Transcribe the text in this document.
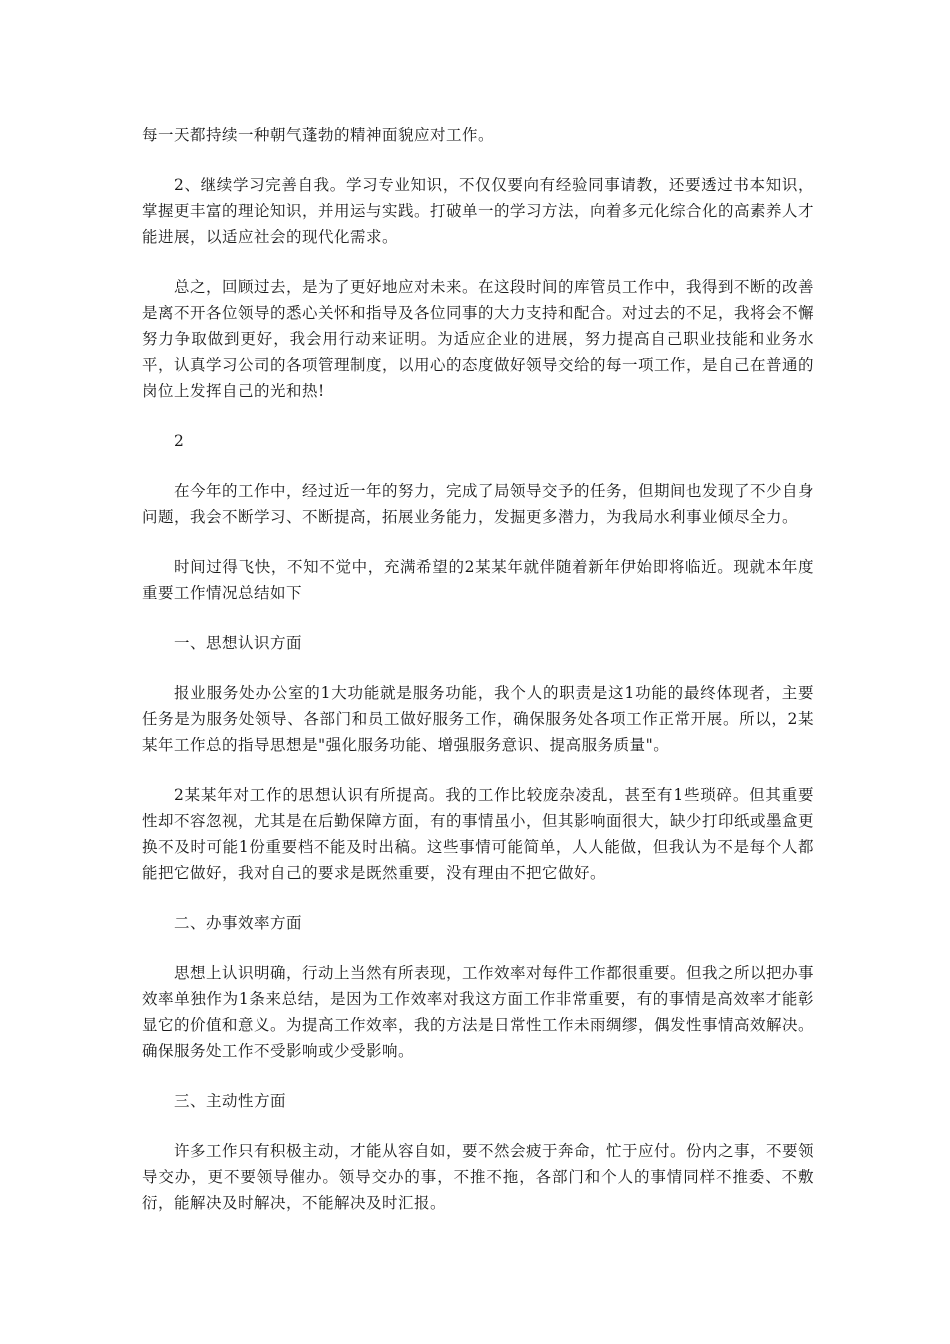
每一天都持续一种朝气蓬勃的精神面貌应对工作。

2、继续学习完善自我。学习专业知识，不仅仅要向有经验同事请教，还要透过书本知识，掌握更丰富的理论知识，并用运与实践。打破单一的学习方法，向着多元化综合化的高素养人才能进展，以适应社会的现代化需求。

总之，回顾过去，是为了更好地应对未来。在这段时间的库管员工作中，我得到不断的改善是离不开各位领导的悉心关怀和指导及各位同事的大力支持和配合。对过去的不足，我将会不懈努力争取做到更好，我会用行动来证明。为适应企业的进展，努力提高自己职业技能和业务水平，认真学习公司的各项管理制度，以用心的态度做好领导交给的每一项工作，是自己在普通的岗位上发挥自己的光和热!

2

在今年的工作中，经过近一年的努力，完成了局领导交予的任务，但期间也发现了不少自身问题，我会不断学习、不断提高，拓展业务能力，发掘更多潜力，为我局水利事业倾尽全力。

时间过得飞快，不知不觉中，充满希望的2某某年就伴随着新年伊始即将临近。现就本年度重要工作情况总结如下

一、思想认识方面

报业服务处办公室的1大功能就是服务功能，我个人的职责是这1功能的最终体现者，主要任务是为服务处领导、各部门和员工做好服务工作，确保服务处各项工作正常开展。所以，2某某年工作总的指导思想是"强化服务功能、增强服务意识、提高服务质量"。

2某某年对工作的思想认识有所提高。我的工作比较庞杂凌乱，甚至有1些琐碎。但其重要性却不容忽视，尤其是在后勤保障方面，有的事情虽小，但其影响面很大，缺少打印纸或墨盒更换不及时可能1份重要档不能及时出稿。这些事情可能简单，人人能做，但我认为不是每个人都能把它做好，我对自己的要求是既然重要，没有理由不把它做好。

二、办事效率方面

思想上认识明确，行动上当然有所表现，工作效率对每件工作都很重要。但我之所以把办事效率单独作为1条来总结，是因为工作效率对我这方面工作非常重要，有的事情是高效率才能彰显它的价值和意义。为提高工作效率，我的方法是日常性工作未雨绸缪，偶发性事情高效解决。确保服务处工作不受影响或少受影响。

三、主动性方面

许多工作只有积极主动，才能从容自如，要不然会疲于奔命，忙于应付。份内之事，不要领导交办，更不要领导催办。领导交办的事，不推不拖，各部门和个人的事情同样不推委、不敷衍，能解决及时解决，不能解决及时汇报。
